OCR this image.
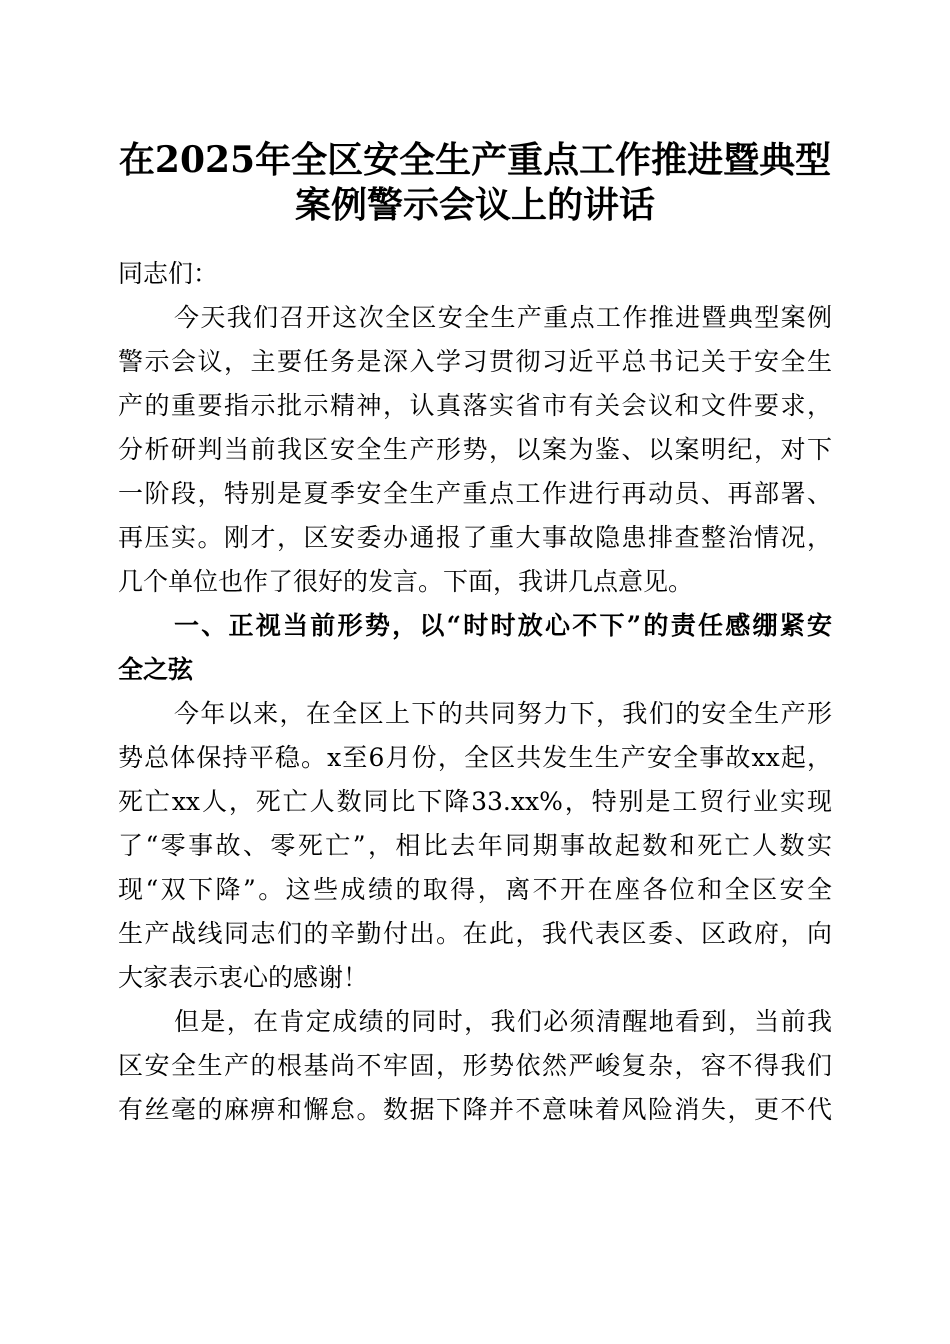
在2025年全区安全生产重点工作推进暨典型
案例警示会议上的讲话
同志们：
今天我们召开这次全区安全生产重点工作推进暨典型案例
警示会议，主要任务是深入学习贯彻习近平总书记关于安全生
产的重要指示批示精神，认真落实省市有关会议和文件要求，
分析研判当前我区安全生产形势，以案为鉴、以案明纪，对下
一阶段，特别是夏季安全生产重点工作进行再动员、再部署、
再压实。刚才，区安委办通报了重大事故隐患排查整治情况，
几个单位也作了很好的发言。下面，我讲几点意见。
一、正视当前形势，以“时时放心不下”的责任感绷紧安
全之弦
今年以来，在全区上下的共同努力下，我们的安全生产形
势总体保持平稳。x至6月份，全区共发生生产安全事故xx起，
死亡xx人，死亡人数同比下降33.xx%，特别是工贸行业实现
了“零事故、零死亡”，相比去年同期事故起数和死亡人数实
现“双下降”。这些成绩的取得，离不开在座各位和全区安全
生产战线同志们的辛勤付出。在此，我代表区委、区政府，向
大家表示衷心的感谢！
但是，在肯定成绩的同时，我们必须清醒地看到，当前我
区安全生产的根基尚不牢固，形势依然严峻复杂，容不得我们
有丝毫的麻痹和懈怠。数据下降并不意味着风险消失，更不代
